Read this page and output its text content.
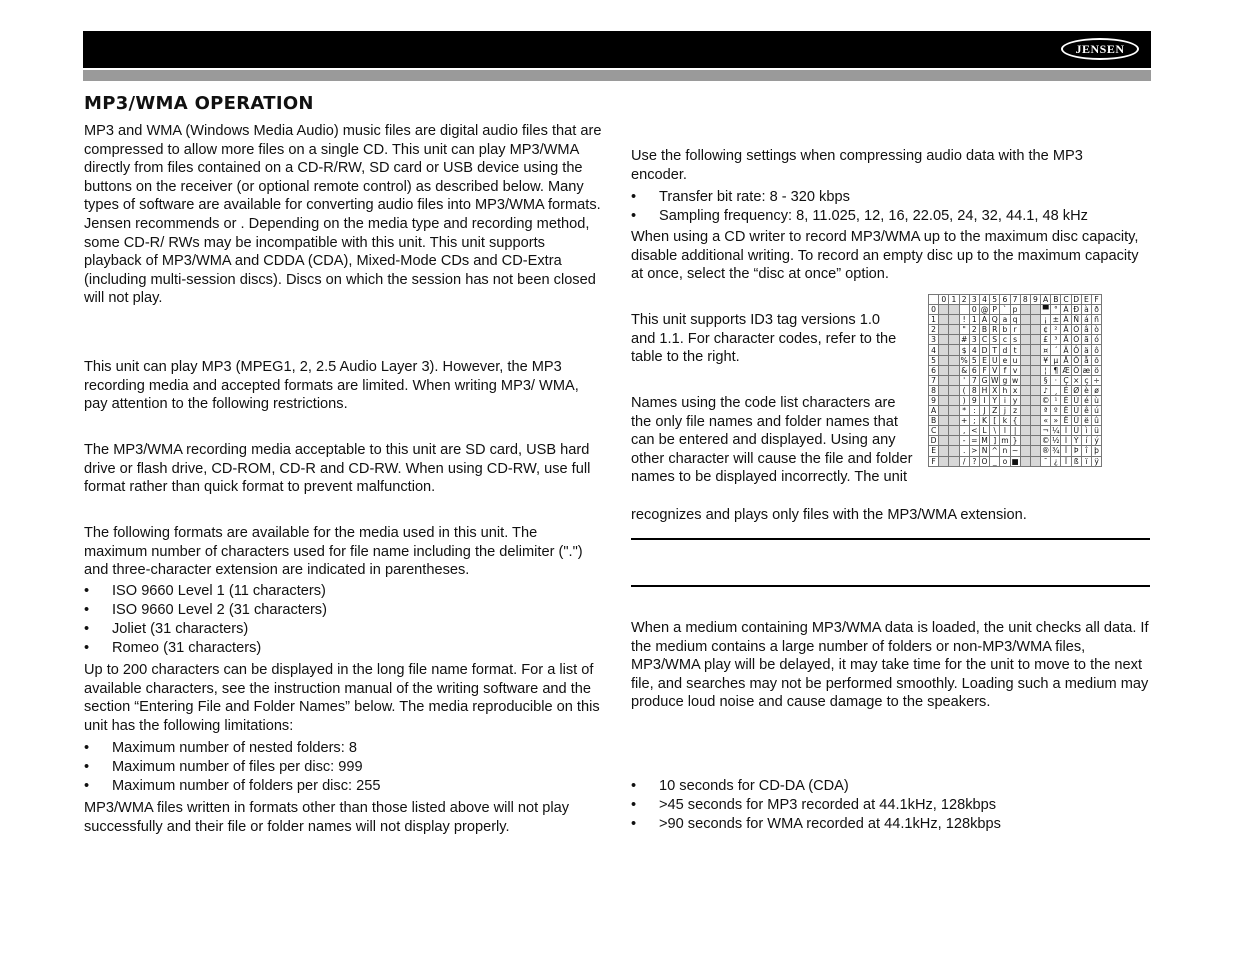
JENSEN
MP3/WMA OPERATION

MP3 and WMA (Windows Media Audio) music files are digital audio files that are compressed to allow more files on a single CD. This unit can play MP3/WMA directly from files contained on a CD-R/RW, SD card or USB device using the buttons on the receiver (or optional remote control) as described below. Many types of software are available for converting audio files into MP3/WMA formats. Jensen recommends or . Depending on the media type and recording method, some CD-R/ RWs may be incompatible with this unit. This unit supports playback of MP3/WMA and CDDA (CDA), Mixed-Mode CDs and CD-Extra (including multi-session discs). Discs on which the session has not been closed will not play.

This unit can play MP3 (MPEG1, 2, 2.5 Audio Layer 3). However, the MP3 recording media and accepted formats are limited. When writing MP3/ WMA, pay attention to the following restrictions.

The MP3/WMA recording media acceptable to this unit are SD card, USB hard drive or flash drive, CD-ROM, CD-R and CD-RW. When using CD-RW, use full format rather than quick format to prevent malfunction.

The following formats are available for the media used in this unit. The maximum number of characters used for file name including the delimiter (".") and three-character extension are indicated in parentheses.

• ISO 9660 Level 1 (11 characters)
• ISO 9660 Level 2 (31 characters)
• Joliet (31 characters)
• Romeo (31 characters)

Up to 200 characters can be displayed in the long file name format. For a list of available characters, see the instruction manual of the writing software and the section “Entering File and Folder Names” below. The media reproducible on this unit has the following limitations:

• Maximum number of nested folders: 8
• Maximum number of files per disc: 999
• Maximum number of folders per disc: 255

MP3/WMA files written in formats other than those listed above will not play successfully and their file or folder names will not display properly.

Use the following settings when compressing audio data with the MP3 encoder.

• Transfer bit rate: 8 - 320 kbps
• Sampling frequency: 8, 11.025, 12, 16, 22.05, 24, 32, 44.1, 48 kHz

When using a CD writer to record MP3/WMA up to the maximum disc capacity, disable additional writing. To record an empty disc up to the maximum capacity at once, select the “disc at once” option.

This unit supports ID3 tag versions 1.0 and 1.1. For character codes, refer to the table to the right.

Names using the code list characters are the only file names and folder names that can be entered and displayed. Using any other character will cause the file and folder names to be displayed incorrectly. The unit

recognizes and plays only files with the MP3/WMA extension.

	0	1	2	3	4	5	6	7	8	9	A	B	C	D	E	F
0				0	@	P	`	p			▀	°	À	Ð	à	ð
1			!	1	A	Q	a	q			¡	±	Á	Ñ	á	ñ
2			"	2	B	R	b	r			¢	²	Â	Ò	â	ò
3			#	3	C	S	c	s			£	³	Ã	Ó	ã	ó
4			$	4	D	T	d	t			¤	´	Ä	Ô	ä	ô
5			%	5	E	U	e	u			¥	µ	Å	Õ	å	õ
6			&	6	F	V	f	v			¦	¶	Æ	Ö	æ	ö
7			'	7	G	W	g	w			§	·	Ç	×	ç	÷
8			(	8	H	X	h	x			♪	¸	È	Ø	è	ø
9			)	9	I	Y	i	y			©	¹	É	Ù	é	ù
A			*	:	J	Z	j	z			ª	º	Ê	Ú	ê	ú
B			+	;	K	[	k	{			«	»	Ë	Û	ë	û
C			,	<	L	\	l	|			¬	¼	Ì	Ü	ì	ü
D			-	=	M	]	m	}			©	½	Í	Ý	í	ý
E			.	>	N	^	n	~			®	¾	Î	Þ	î	þ
F			/	?	O	_	o	■			¯	¿	Ï	ß	ï	ÿ

When a medium containing MP3/WMA data is loaded, the unit checks all data. If the medium contains a large number of folders or non-MP3/WMA files, MP3/WMA play will be delayed, it may take time for the unit to move to the next file, and searches may not be performed smoothly. Loading such a medium may produce loud noise and cause damage to the speakers.

• 10 seconds for CD-DA (CDA)
• >45 seconds for MP3 recorded at 44.1kHz, 128kbps
• >90 seconds for WMA recorded at 44.1kHz, 128kbps
